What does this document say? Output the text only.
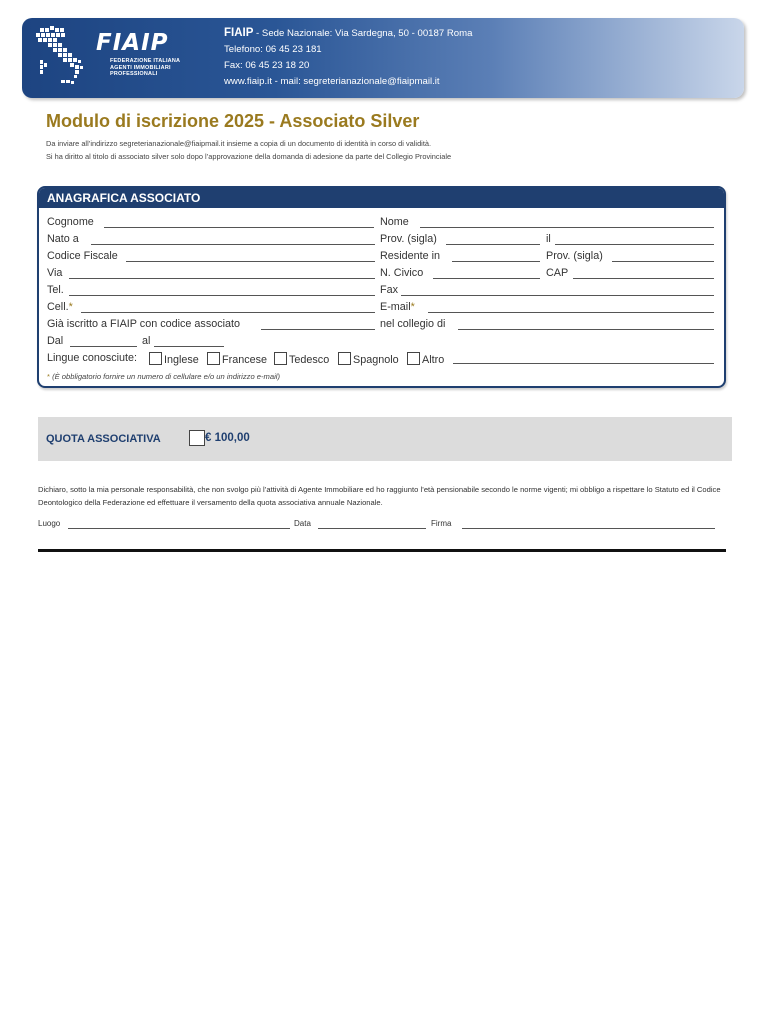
FIAIP
FEDERAZIONE ITALIANA
AGENTI IMMOBILIARI
PROFESSIONALI
FIAIP - Sede Nazionale: Via Sardegna, 50 - 00187 Roma
Telefono: 06 45 23 181
Fax: 06 45 23 18 20
www.fiaip.it - mail: segreterianazionale@fiaipmail.it
Modulo di iscrizione 2025 - Associato Silver
Da inviare all’indirizzo segreterianazionale@fiaipmail.it insieme a copia di un documento di identità in corso di validità.
Si ha diritto al titolo di associato silver solo dopo l’approvazione della domanda di adesione da parte del Collegio Provinciale
ANAGRAFICA ASSOCIATO
Cognome	Nome
Nato a	Prov. (sigla)	il
Codice Fiscale	Residente in	Prov. (sigla)
Via	N. Civico	CAP
Tel.	Fax
Cell.*	E-mail*
Già iscritto a FIAIP con codice associato	nel collegio di
Dal	al
Lingue conosciute:	Inglese	Francese	Tedesco	Spagnolo	Altro
* (È obbligatorio fornire un numero di cellulare e/o un indirizzo e-mail)
QUOTA ASSOCIATIVA	€ 100,00
Dichiaro, sotto la mia personale responsabilità, che non svolgo più l’attività di Agente Immobiliare ed ho raggiunto l’età pensionabile secondo le norme vigenti; mi obbligo a rispettare lo Statuto ed il Codice Deontologico della Federazione ed effettuare il versamento della quota associativa annuale Nazionale.
Luogo	Data	Firma
